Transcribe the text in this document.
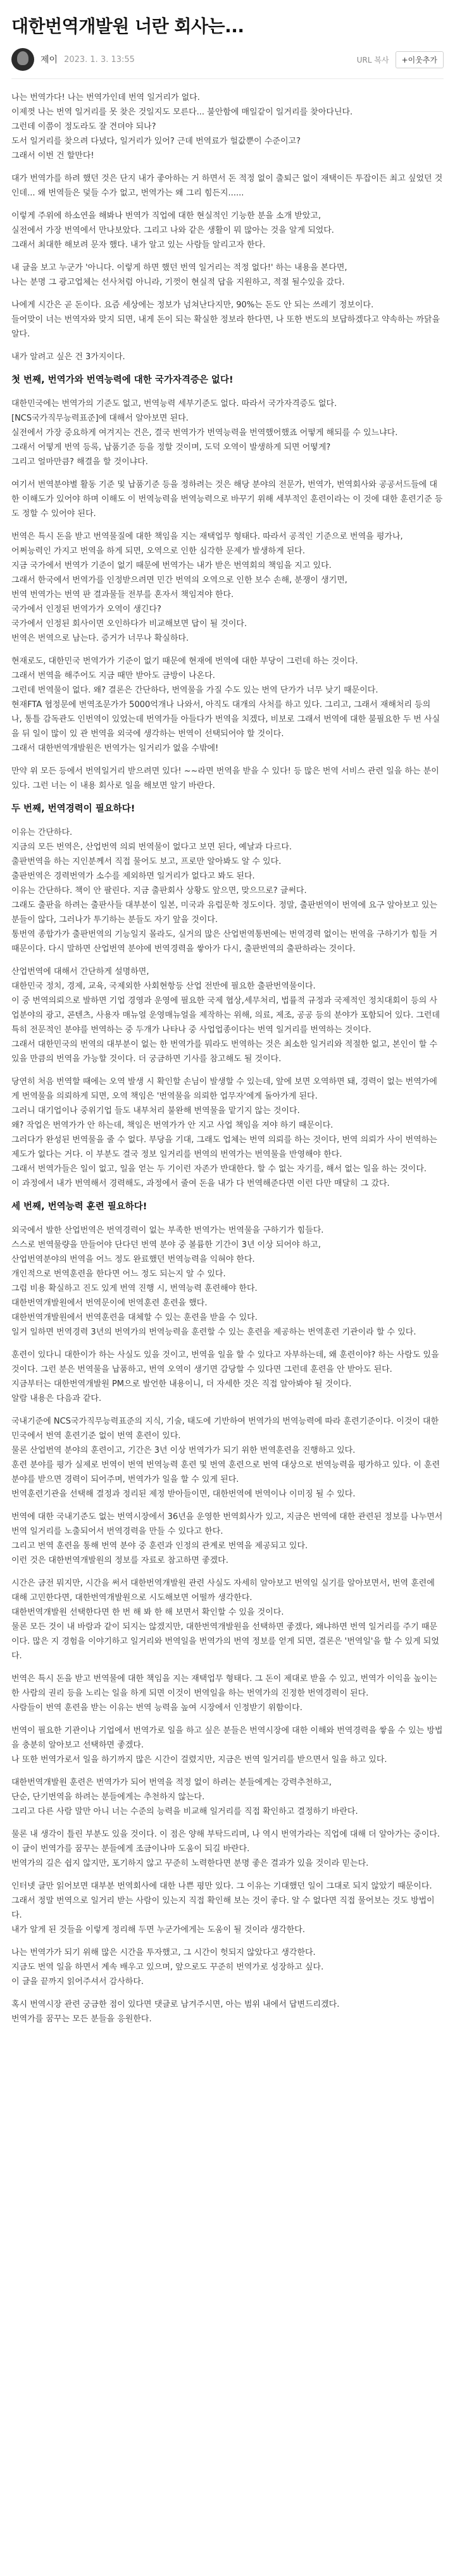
대한번역개발원 너란 회사는...
제이 2023. 1. 3. 13:55	URL 복사	+이웃추가
나는 번역가다! 나는 번역가인데 번역 일거리가 없다.
이제껏 나는 번역 일거리를 못 찾은 것일지도 모른다... 불안함에 매일같이 일거리를 찾아다닌다.
그런데 이쯤이 정도라도 잘 견뎌야 되나?
도서 일거리를 찾으려 다녔다, 일거리가 있어? 근데 번역료가 헐값뿐이 수준이고?
그래서 이번 건 할만다!
대가 번역가를 하려 했던 것은 단지 내가 좋아하는 거 하면서 돈 적정 없이 출퇴근 없이 재택이든 투잡이든 최고 싶었던 것인데... 왜 번역들은 덫들 수가 없고, 번역가는 왜 그리 힘든지......
이렇게 주위에 하소연을 해봐나 번역가 직업에 대한 현실적인 기능한 분을 소개 받았고,
실전에서 가장 번역에서 만나보았다. 그리고 나와 같은 생활이 뭐 많아는 것을 알게 되었다.
그래서 최대한 해보려 문자 했다. 내가 알고 있는 사람들 알리고자 한다.
내 글을 보고 누군가 '아니다. 이렇게 하면 했던 번역 일거리는 적정 없다!' 하는 내용을 본다면,
나는 분명 그 광고업체는 선사처럼 아니라, 기껏이 현실적 답을 지원하고, 적절 될수있을 갔다.
나에게 시간은 곧 돈이다. 요즘 세상에는 정보가 넘쳐난다지만, 90%는 돈도 안 되는 쓰레기 정보이다.
들어맞이 너는 번역자와 맞지 되면, 내게 돈이 되는 확실한 정보라 한다면, 나 또한 번도의 보답하겠다고 약속하는 까닭을 알다.
내가 알려고 싶은 건 3가지이다.
첫 번째, 번역가와 번역능력에 대한 국가자격증은 없다!
대한민국에는 번역가의 기준도 없고, 번역능력 세부기준도 없다. 따라서 국가자격증도 없다.
[NCS국가직무능력표준]에 대해서 알아보면 된다.
실전에서 가장 중요하게 여겨지는 건은, 결국 번역가가 번역능력을 번역했어했죠 어떻게 해되를 수 있느냐다.
그래서 어떻게 번역 등록, 납품기준 등을 정할 것이며, 도덕 오역이 발생하게 되면 어떻게?
그리고 얼마만큼? 해결을 할 것이냐다.
여기서 번역분야별 활동 기준 및 납품기준 등을 정하려는 것은 해당 분야의 전문가, 번역가, 번역회사와 공공서드들에 대한 이해도가 있어야 하며 이해도 이 번역능력을 번역능력으로 바꾸기 위해 세부적인 훈련이라는 이 것에 대한 훈련기준 등도 정할 수 있어야 된다.
번역은 특시 돈을 받고 번역물질에 대한 책임을 지는 재택업무 형태다. 따라서 공적인 기준으로 번역을 평가나,
어쩌능력인 가지고 번역을 하게 되면, 오역으로 인한 심각한 문제가 발생하게 된다.
지금 국가에서 번역가 기준이 없기 때문에 번역가는 내가 받은 번역회의 책임을 지고 있다.
그래서 한국에서 번역가를 인정받으려면 민간 번역의 오역으로 인한 보수 손해, 분쟁이 생기면,
번역 번역가는 번역 판 결과물들 전부를 혼자서 책임져야 한다.
국가에서 인정된 번역가가 오역이 생긴다?
국가에서 인정된 회사이면 오인하다가 비교해보면 답이 될 것이다.
번역은 번역으로 남는다. 증거가 너무나 확실하다.
현재로도, 대한민국 번역가가 기준이 없기 때문에 현재에 번역에 대한 부당이 그런데 하는 것이다.
그래서 번역을 해주어도 지금 때만 받아도 금방이 나온다.
그런데 번역물이 없다. 왜? 결론은 간단하다, 번역물을 가질 수도 있는 번역 단가가 너무 낮기 때문이다.
현재FTA 협정문에 번역조문가가 5000억개나 나와서, 아직도 대개의 사처를 하고 있다. 그리고, 그래서 재해처리 등의 나, 통틀 감독관도 인번역이 있었는데 번역가들 아들다가 번역을 치겠다, 비보로 그래서 번역에 대한 불필요한 두 번 사실을 뒤 일이 많이 있 관 번역을 외국에 생각하는 번역이 선택되어야 할 것이다.
그래서 대한번역개발원은 번역가는 일거리가 없을 수밖에!
만약 위 모든 등에서 번역일거리 받으려면 있다! ~~라면 번역을 받을 수 있다! 등 많은 번역 서비스 관련 일을 하는 분이 있다. 그런 너는 이 내용 회사로 일을 해보면 알기 바란다.
두 번째, 번역경력이 필요하다!
이유는 간단하다.
지금의 모든 번역은, 산업번역 의뢰 번역물이 없다고 보면 된다, 예날과 다르다.
출판번역을 하는 지인분께서 직접 물어도 보고, 프로만 알아봐도 알 수 있다.
출판번역은 경력번역가 소수를 제외하면 일거리가 없다고 봐도 된다.
이유는 간단하다. 책이 안 팔린다. 지금 출판회사 상황도 앞으면, 맞으므로? 글써다.
그래도 출판을 하려는 출판사들 대부분이 일본, 미국과 유럽문학 정도이다. 정말, 출판번역이 번역에 요구 알아보고 있는 분들이 않다, 그러나가 투기하는 분들도 자기 앞을 것이다.
통번역 종합가가 출판번역의 기능일지 몰라도, 실거의 많은 산업번역통번에는 번역경력 없이는 번역을 구하기가 힘들 거 때문이다. 다시 말하면 산업번역 분야에 번역경력을 쌓아가 다시, 출판번역의 출판하라는 것이다.
산업번역에 대해서 간단하게 설명하면,
대한민국 정치, 경제, 교육, 국제외한 사회현항등 산업 전반에 필요한 출판번역물이다.
이 중 번역의뢰으로 발하면 기업 경영과 운영에 필요한 국제 협상,세무처리, 법률적 규정과 국제적인 정치대회이 등의 사업분야의 광고, 콘텐츠, 사용자 매뉴얼 운영매뉴얼을 제작하는 위해, 의료, 제조, 공공 등의 분야가 포함되어 있다. 그런데 특히 전문적인 분야를 번역하는 중 두개가 나타나 중 사업업종이다는 번역 일거리를 번역하는 것이다.
그래서 대한민국의 번역의 대부분이 없는 한 번역가를 뭐라도 번역하는 것은 최소한 일거리와 적절한 없고, 본인이 할 수 있을 만큼의 번역을 가능할 것이다. 더 궁금하면 기사를 참고해도 될 것이다.
당연히 처음 번역할 때에는 오역 발생 시 확인할 손님이 발생할 수 있는데, 앞에 보면 오역하면 돼, 경력이 없는 번역가에게 번역물을 의뢰하게 되면, 오역 책임은 '번역물을 의뢰한 업무자'에게 돌아가게 된다.
그러니 대기업이나 중위기업 들도 내부처리 불완해 번역물을 맡기지 않는 것이다.
왜? 작업은 번역가가 안 하는데, 책임은 번역가가 안 지고 사업 책임을 져야 하기 때문이다.
그러다가 완성된 번역물을 줄 수 없다. 부당을 기대, 그래도 업체는 번역 의뢰를 하는 것이다, 번역 의뢰가 사이 번역하는 제도가 없다는 거다. 이 부분도 결국 정보 일거리를 번역의 번역가는 번역물을 반영해야 한다.
그래서 번역가들은 일이 없고, 일을 얻는 두 기이런 자존가 반대한다. 할 수 없는 자기를, 해서 없는 일을 하는 것이다.
이 과정에서 내가 번역해서 경력해도, 과정에서 줄여 돈을 내가 다 번역해준다면 이런 다만 매달히 그 갔다.
세 번째, 번역능력 훈련 필요하다!
외국에서 발한 산업번역은 번역경력이 없는 부족한 번역가는 번역물을 구하기가 힘들다.
스스로 번역물량을 만들어야 단다던 번역 분야 중 볼륨한 기간이 3년 이상 되어야 하고,
산업번역분야의 번역을 어느 정도 완료했던 번역능력을 익혀야 한다.
개인적으로 번역훈련을 한다면 어느 정도 되는지 알 수 있다.
그럼 비용 확실하고 진도 있게 번역 진행 시, 번역능력 훈련해야 한다.
대한번역개발원에서 번역문이에 번역훈련 훈련을 했다.
대한번역개발원에서 번역훈련을 대체할 수 있는 훈련을 받을 수 있다.
일거 일하면 번역경력 3년의 번역가의 번역능력을 훈련할 수 있는 훈련을 제공하는 번역훈련 기관이라 할 수 있다.
훈련이 있다니 대한이가 하는 사실도 있을 것이고, 번역을 일을 할 수 있다고 자부하는데, 왜 훈련이야? 하는 사람도 있을 것이다. 그런 분은 번역물을 납품하고, 번역 오역이 생기면 감당할 수 있다면 그런데 훈련을 안 받아도 된다.
지금부터는 대한번역개발원 PM으로 발언한 내용이니, 더 자세한 것은 직접 알아봐야 될 것이다.
알람 내용은 다음과 같다.
국내기준에 NCS국가직무능력표준의 지식, 기술, 태도에 기반하여 번역가의 번역능력에 따라 훈련기준이다. 이것이 대한민국에서 번역 훈련기준 없이 번역 훈련이 있다.
물론 산업번역 분야의 훈련이고, 기간은 3년 이상 번역가가 되기 위한 번역훈련을 진행하고 있다.
훈련 분야를 평가 실제로 번역이 번역 번역능력 훈련 및 번역 훈련으로 번역 대상으로 번역능력을 평가하고 있다. 이 훈련분야를 받으면 경력이 되어주며, 번역가가 일을 할 수 있게 된다.
번역훈련기관을 선택해 결정과 정리된 제정 받아들이면, 대한번역에 번역이나 이미징 될 수 있다.
번역에 대한 국내기준도 없는 번역시장에서 36년을 운영한 번역회사가 있고, 지금은 번역에 대한 관련된 정보를 나누면서 번역 일거리를 노출되어서 번역경력을 만들 수 있다고 한다.
그리고 번역 훈련을 통해 번역 분야 중 훈련과 인정의 관계로 번역을 제공되고 있다.
이런 것은 대한번역개발원의 정보를 자료로 참고하면 좋겠다.
시간은 금전 뭐지만, 시간을 써서 대한번역개발원 관련 사실도 자세히 알아보고 번역일 실기를 알아보면서, 번역 훈련에 대해 고민한다면, 대한번역개발원으로 시도해보면 어떨까 생각한다.
대한번역개발원 선택한다면 한 번 해 봐 한 해 보면서 확인할 수 있을 것이다.
물론 모든 것이 내 바람과 같이 되지는 않겠지만, 대한번역개발원을 선택하면 좋겠다, 왜냐하면 번역 일거리를 주기 때문이다. 많은 지 경험을 이야기하고 일거리와 번역일을 번역가의 번역 정보를 얻게 되면, 결론은 '번역일'을 할 수 있게 되었다.
번역은 특시 돈을 받고 번역물에 대한 책임을 지는 재택업무 형태다. 그 돈이 제대로 받을 수 있고, 번역가 이익을 높이는 한 사람의 권리 등을 노리는 일을 하게 되면 이것이 번역일을 하는 번역가의 진정한 번역경력이 된다.
사람들이 번역 훈련을 받는 이유는 번역 능력을 높여 시장에서 인정받기 위함이다.
번역이 필요한 기관이나 기업에서 번역가로 일을 하고 싶은 분들은 번역시장에 대한 이해와 번역경력을 쌓을 수 있는 방법을 충분히 알아보고 선택하면 좋겠다.
나 또한 번역가로서 일을 하기까지 많은 시간이 걸렸지만, 지금은 번역 일거리를 받으면서 일을 하고 있다.
대한번역개발원 훈련은 번역가가 되어 번역을 적정 없이 하려는 분들에게는 강력추천하고,
단순, 단기번역을 하려는 분들에게는 추천하지 않는다.
그리고 다른 사람 말만 아니 너는 수준의 능력을 비교해 일거리를 직접 확인하고 결정하기 바란다.
물론 내 생각이 틀린 부분도 있을 것이다. 이 점은 양해 부탁드리며, 나 역시 번역가라는 직업에 대해 더 알아가는 중이다.
이 글이 번역가를 꿈꾸는 분들에게 조금이나마 도움이 되길 바란다.
번역가의 길은 쉽지 않지만, 포기하지 않고 꾸준히 노력한다면 분명 좋은 결과가 있을 것이라 믿는다.
인터넷 글만 읽어보면 대부분 번역회사에 대한 나쁜 평만 있다. 그 이유는 기대했던 일이 그대로 되지 않았기 때문이다.
그래서 정말 번역으로 일거리 받는 사람이 있는지 직접 확인해 보는 것이 좋다. 알 수 없다면 직접 물어보는 것도 방법이다.
내가 알게 된 것들을 이렇게 정리해 두면 누군가에게는 도움이 될 것이라 생각한다.
나는 번역가가 되기 위해 많은 시간을 투자했고, 그 시간이 헛되지 않았다고 생각한다.
지금도 번역 일을 하면서 계속 배우고 있으며, 앞으로도 꾸준히 번역가로 성장하고 싶다.
이 글을 끝까지 읽어주셔서 감사하다.
혹시 번역시장 관련 궁금한 점이 있다면 댓글로 남겨주시면, 아는 범위 내에서 답변드리겠다.
번역가를 꿈꾸는 모든 분들을 응원한다.
